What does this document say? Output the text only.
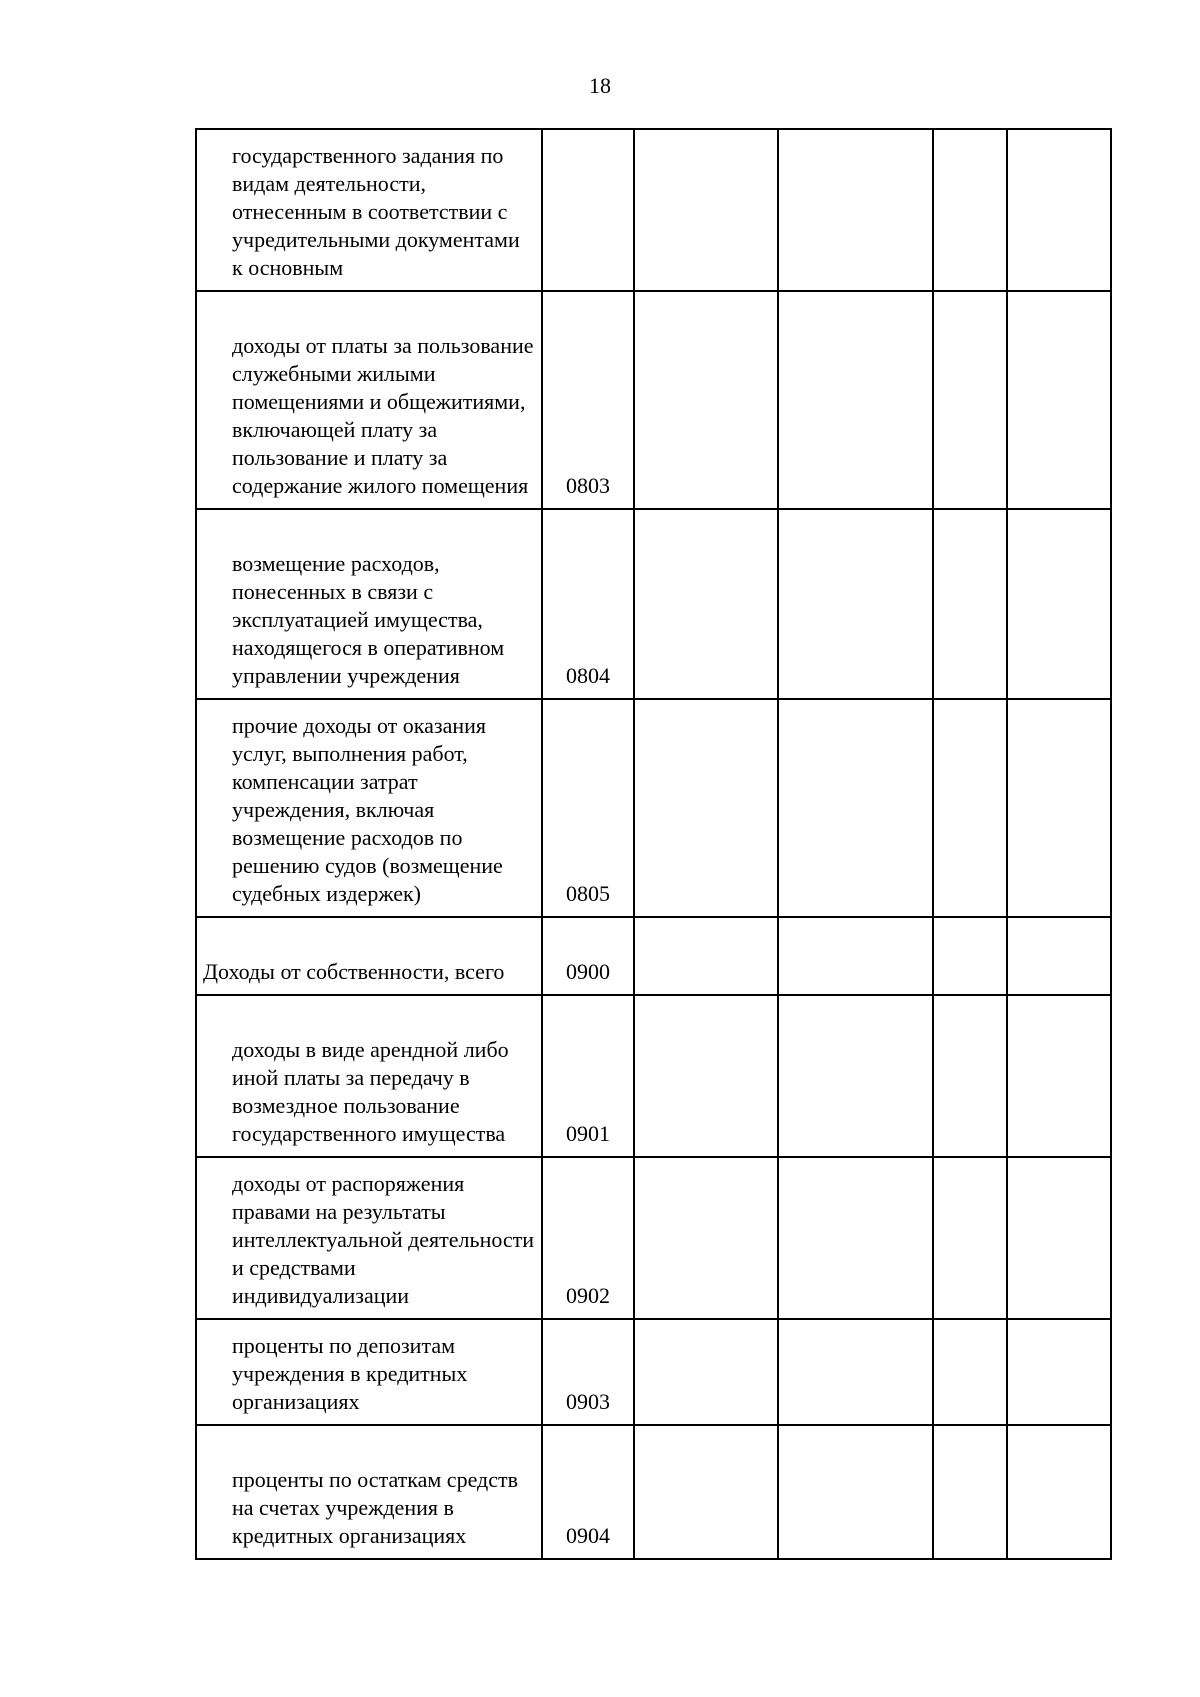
18
государственного задания по видам деятельности, отнесенным в соответствии с учредительными документами к основным					
доходы от платы за пользование служебными жилыми помещениями и общежитиями, включающей плату за пользование и плату за содержание жилого помещения	0803				
возмещение расходов, понесенных в связи с эксплуатацией имущества, находящегося в оперативном управлении учреждения	0804				
прочие доходы от оказания услуг, выполнения работ, компенсации затрат учреждения, включая возмещение расходов по решению судов (возмещение судебных издержек)	0805				
Доходы от собственности, всего	0900				
доходы в виде арендной либо иной платы за передачу в возмездное пользование государственного имущества	0901				
доходы от распоряжения правами на результаты интеллектуальной деятельности и средствами индивидуализации	0902				
проценты по депозитам учреждения в кредитных организациях	0903				
проценты по остаткам средств на счетах учреждения в кредитных организациях	0904				
